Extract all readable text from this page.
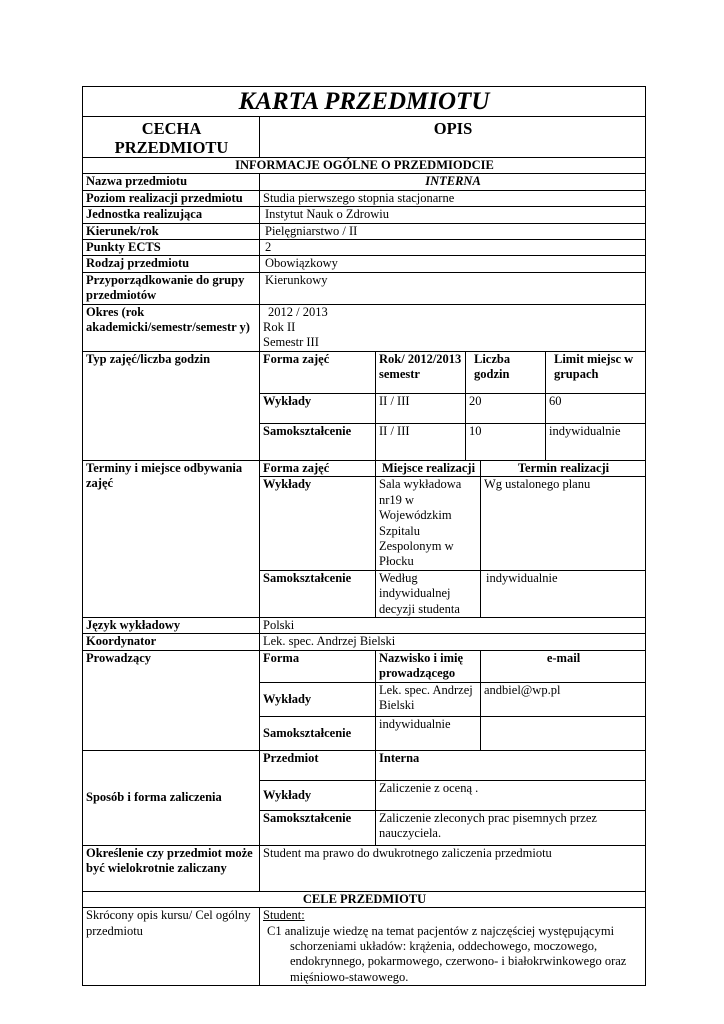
KARTA PRZEDMIOTU					
CECHA PRZEDMIOTU	OPIS				
INFORMACJE OGÓLNE O PRZEDMIODCIE					
Nazwa przedmiotu	INTERNA				
Poziom realizacji przedmiotu	Studia pierwszego stopnia stacjonarne				
Jednostka realizująca	Instytut Nauk o Zdrowiu				
Kierunek/rok	Pielęgniarstwo / II				
Punkty ECTS	2				
Rodzaj przedmiotu	Obowiązkowy				
Przyporządkowanie do grupy przedmiotów	Kierunkowy				
Okres (rok akademicki/semestr/semestr y)	2012 / 2013
Rok II
Semestr III				

Typ zajęć/liczba godzin	Forma zajęć	Rok/ 2012/2013 semestr	Liczba godzin		Limit miejsc w grupach
	Wykłady	II / III	20		60
	Samokształcenie	II / III	10		indywidualnie
Terminy i miejsce odbywania zajęć	Forma zajęć	Miejsce realizacji		Termin realizacji	
	Wykłady	Sala wykładowa nr19 w Wojewódzkim Szpitalu Zespolonym w Płocku		Wg ustalonego planu	
	Samokształcenie	Według indywidualnej decyzji studenta		indywidualnie	
Język wykładowy	Polski				
Koordynator	Lek. spec. Andrzej Bielski				
Prowadzący	Forma	Nazwisko i imię prowadzącego		e-mail	
	Wykłady	Lek. spec. Andrzej Bielski		andbiel@wp.pl	
	Samokształcenie	indywidualnie			
Sposób i forma zaliczenia	Przedmiot	Interna			
	Wykłady	Zaliczenie z oceną .			
	Samokształcenie	Zaliczenie zleconych prac pisemnych przez nauczyciela.			
Określenie czy przedmiot może być wielokrotnie zaliczany	Student ma prawo do dwukrotnego zaliczenia przedmiotu				
CELE PRZEDMIOTU					
Skrócony opis kursu/ Cel ogólny przedmiotu	Student:
C1 analizuje wiedzę na temat pacjentów z najczęściej występującymi schorzeniami układów: krążenia, oddechowego, moczowego, endokrynnego, pokarmowego, czerwono- i białokrwinkowego oraz mięśniowo-stawowego.				
